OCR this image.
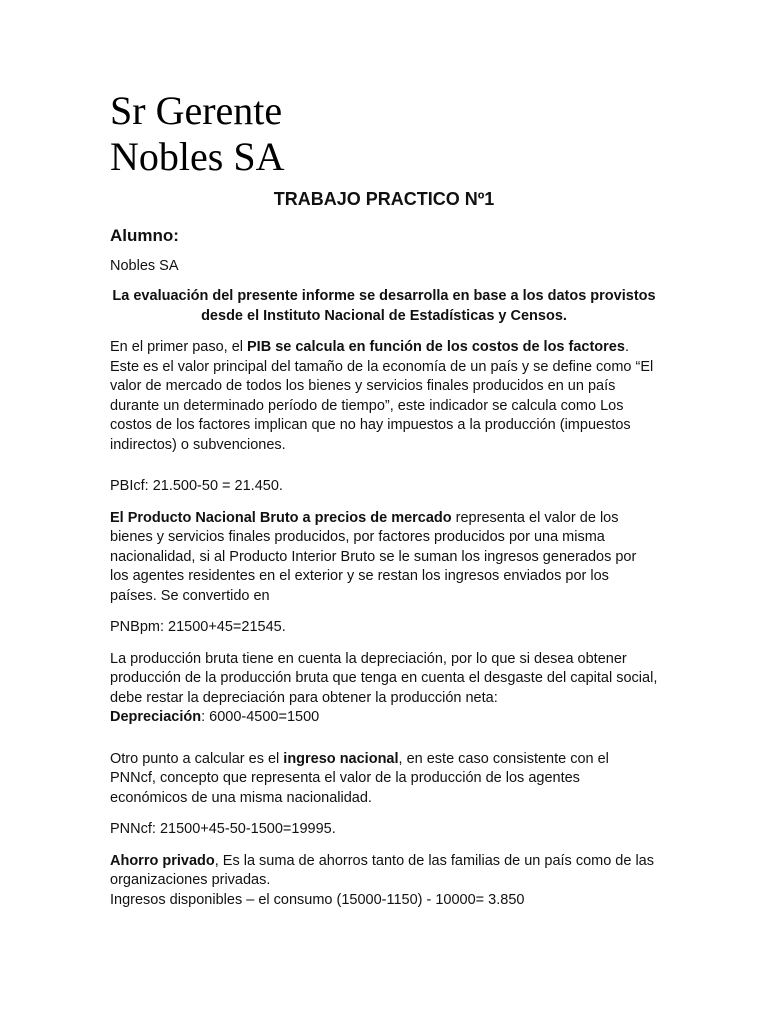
Sr Gerente
Nobles SA
TRABAJO PRACTICO Nº1
Alumno:
Nobles SA
La evaluación del presente informe se desarrolla en base a los datos provistos desde el Instituto Nacional de Estadísticas y Censos.

En el primer paso, el PIB se calcula en función de los costos de los factores. Este es el valor principal del tamaño de la economía de un país y se define como “El valor de mercado de todos los bienes y servicios finales producidos en un país durante un determinado período de tiempo”, este indicador se calcula como Los costos de los factores implican que no hay impuestos a la producción (impuestos indirectos) o subvenciones.

PBIcf: 21.500-50 = 21.450.

El Producto Nacional Bruto a precios de mercado representa el valor de los bienes y servicios finales producidos, por factores producidos por una misma nacionalidad, si al Producto Interior Bruto se le suman los ingresos generados por los agentes residentes en el exterior y se restan los ingresos enviados por los países. Se convertido en

PNBpm: 21500+45=21545.

La producción bruta tiene en cuenta la depreciación, por lo que si desea obtener producción de la producción bruta que tenga en cuenta el desgaste del capital social, debe restar la depreciación para obtener la producción neta:
Depreciación: 6000-4500=1500

Otro punto a calcular es el ingreso nacional, en este caso consistente con el PNNcf, concepto que representa el valor de la producción de los agentes económicos de una misma nacionalidad.

PNNcf: 21500+45-50-1500=19995.

Ahorro privado, Es la suma de ahorros tanto de las familias de un país como de las organizaciones privadas.
Ingresos disponibles – el consumo (15000-1150) - 10000= 3.850
